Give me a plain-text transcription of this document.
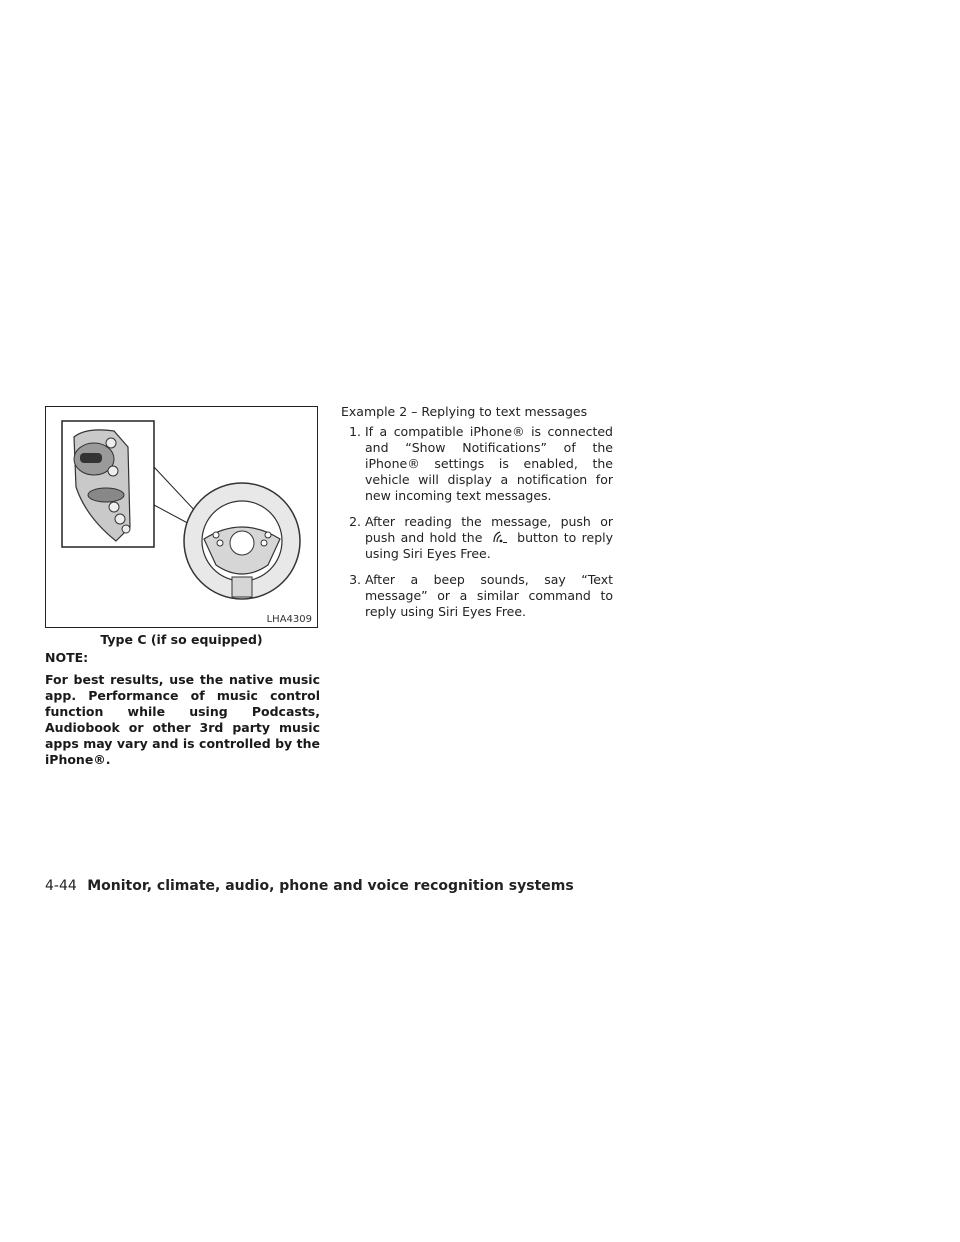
LHA4309
Type C (if so equipped)
NOTE:
For best results, use the native music app. Performance of music control function while using Podcasts, Audiobook or other 3rd party music apps may vary and is controlled by the iPhone®.
Example 2 – Replying to text messages
1. If a compatible iPhone® is connected and “Show Notifications” of the iPhone® settings is enabled, the vehicle will display a notification for new incoming text messages.
2. After reading the message, push or push and hold the	button to reply using Siri Eyes Free.
3. After a beep sounds, say “Text message” or a similar command to reply using Siri Eyes Free.
4-44 Monitor, climate, audio, phone and voice recognition systems
